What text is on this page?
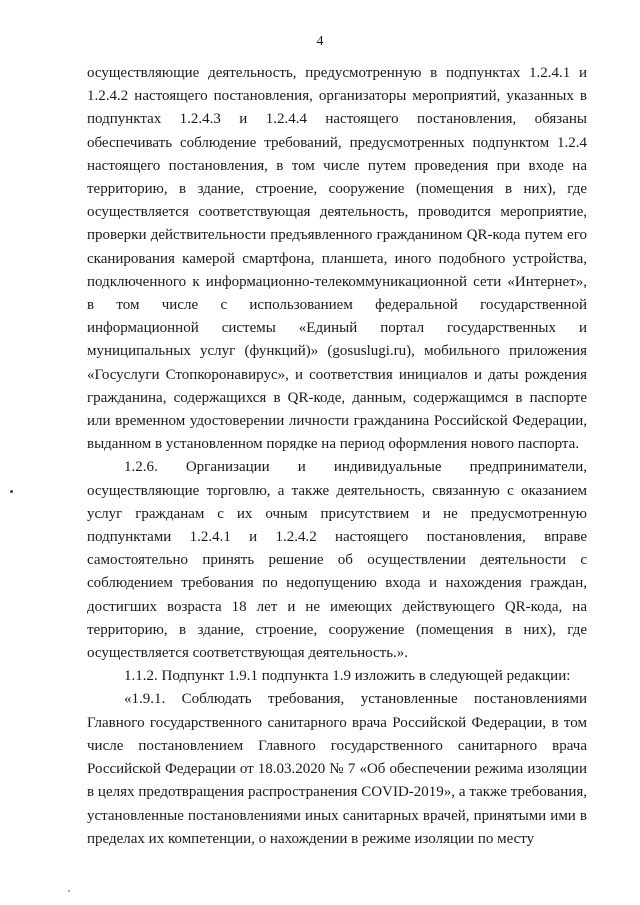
4

осуществляющие деятельность, предусмотренную в подпунктах 1.2.4.1 и 1.2.4.2 настоящего постановления, организаторы мероприятий, указанных в подпунктах 1.2.4.3 и 1.2.4.4 настоящего постановления, обязаны обеспечивать соблюдение требований, предусмотренных подпунктом 1.2.4 настоящего постановления, в том числе путем проведения при входе на территорию, в здание, строение, сооружение (помещения в них), где осуществляется соответствующая деятельность, проводится мероприятие, проверки действительности предъявленного гражданином QR-кода путем его сканирования камерой смартфона, планшета, иного подобного устройства, подключенного к информационно-телекоммуникационной сети «Интернет», в том числе с использованием федеральной государственной информационной системы «Единый портал государственных и муниципальных услуг (функций)» (gosuslugi.ru), мобильного приложения «Госуслуги Стопкоронавирус», и соответствия инициалов и даты рождения гражданина, содержащихся в QR-коде, данным, содержащимся в паспорте или временном удостоверении личности гражданина Российской Федерации, выданном в установленном порядке на период оформления нового паспорта.

1.2.6. Организации и индивидуальные предприниматели, осуществляющие торговлю, а также деятельность, связанную с оказанием услуг гражданам с их очным присутствием и не предусмотренную подпунктами 1.2.4.1 и 1.2.4.2 настоящего постановления, вправе самостоятельно принять решение об осуществлении деятельности с соблюдением требования по недопущению входа и нахождения граждан, достигших возраста 18 лет и не имеющих действующего QR-кода, на территорию, в здание, строение, сооружение (помещения в них), где осуществляется соответствующая деятельность.».

1.1.2. Подпункт 1.9.1 подпункта 1.9 изложить в следующей редакции:

«1.9.1. Соблюдать требования, установленные постановлениями Главного государственного санитарного врача Российской Федерации, в том числе постановлением Главного государственного санитарного врача Российской Федерации от 18.03.2020 № 7 «Об обеспечении режима изоляции в целях предотвращения распространения COVID-2019», а также требования, установленные постановлениями иных санитарных врачей, принятыми ими в пределах их компетенции, о нахождении в режиме изоляции по месту
